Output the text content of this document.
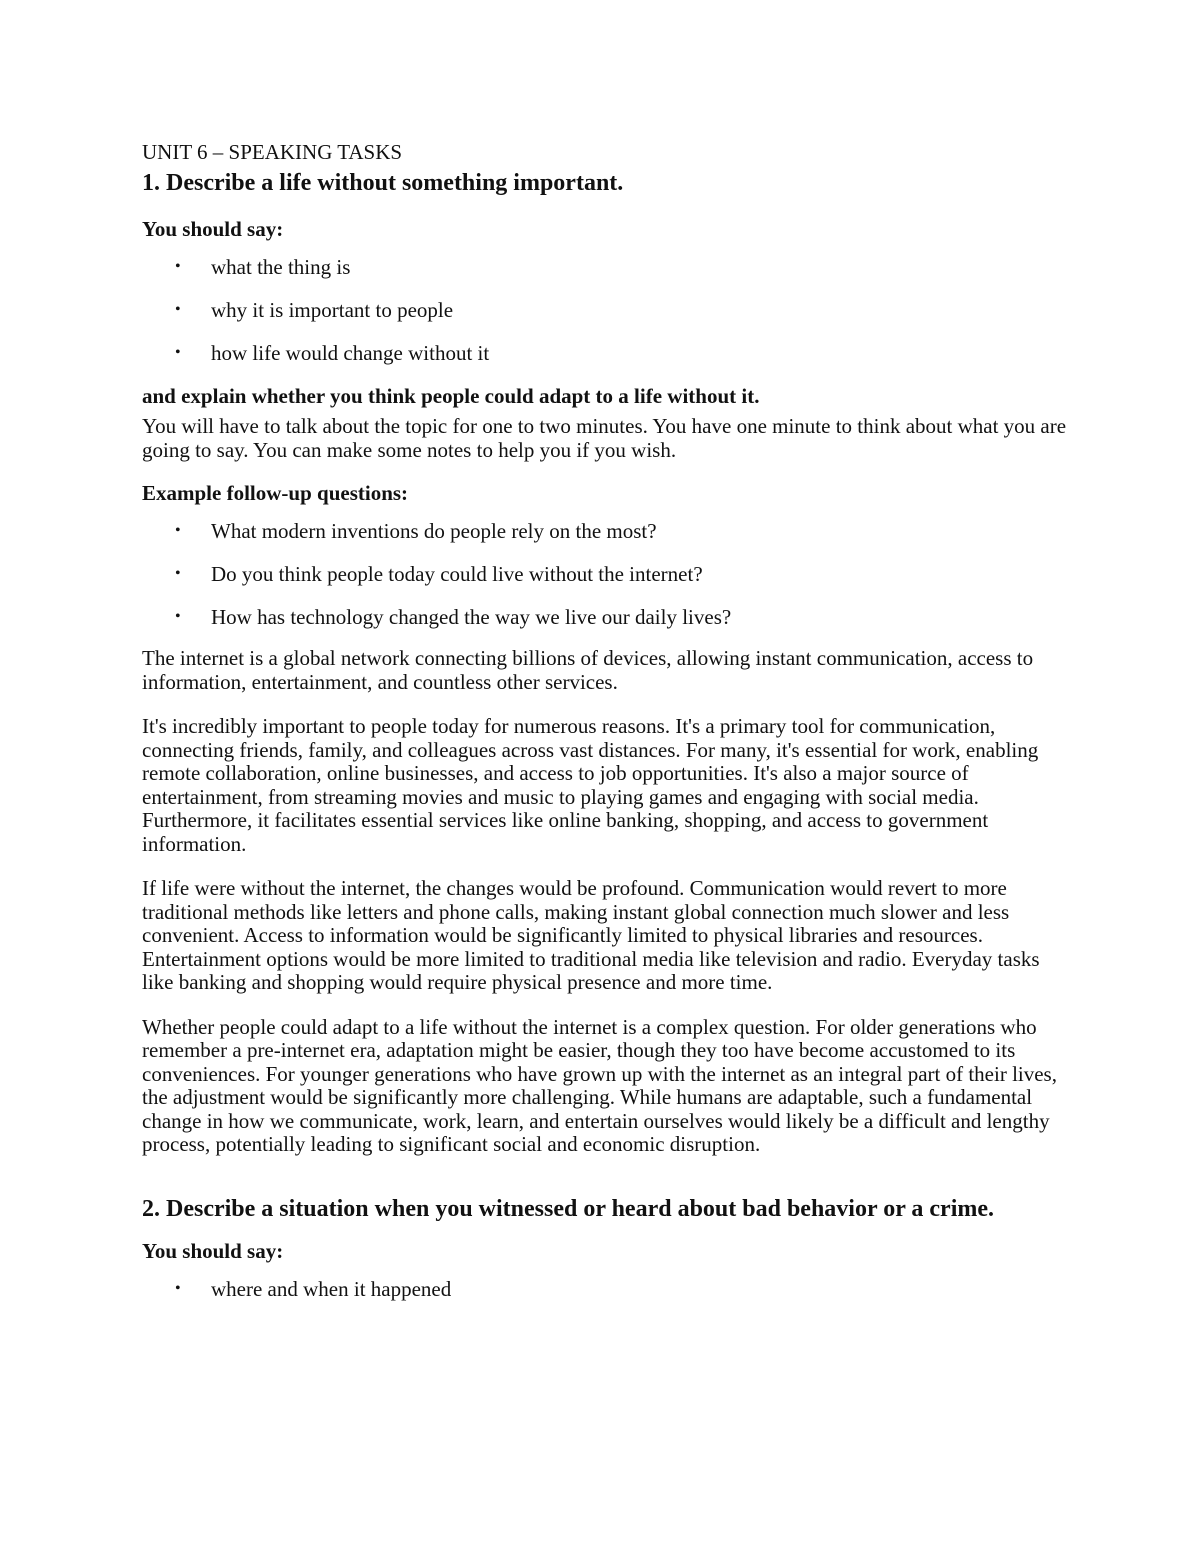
UNIT 6 – SPEAKING TASKS
1. Describe a life without something important.
You should say:
• what the thing is
• why it is important to people
• how life would change without it
and explain whether you think people could adapt to a life without it.
You will have to talk about the topic for one to two minutes. You have one minute to think about what you are going to say. You can make some notes to help you if you wish.
Example follow-up questions:
• What modern inventions do people rely on the most?
• Do you think people today could live without the internet?
• How has technology changed the way we live our daily lives?
The internet is a global network connecting billions of devices, allowing instant communication, access to information, entertainment, and countless other services.
It's incredibly important to people today for numerous reasons. It's a primary tool for communication, connecting friends, family, and colleagues across vast distances. For many, it's essential for work, enabling remote collaboration, online businesses, and access to job opportunities. It's also a major source of entertainment, from streaming movies and music to playing games and engaging with social media. Furthermore, it facilitates essential services like online banking, shopping, and access to government information.
If life were without the internet, the changes would be profound. Communication would revert to more traditional methods like letters and phone calls, making instant global connection much slower and less convenient. Access to information would be significantly limited to physical libraries and resources. Entertainment options would be more limited to traditional media like television and radio. Everyday tasks like banking and shopping would require physical presence and more time.
Whether people could adapt to a life without the internet is a complex question. For older generations who remember a pre-internet era, adaptation might be easier, though they too have become accustomed to its conveniences. For younger generations who have grown up with the internet as an integral part of their lives, the adjustment would be significantly more challenging. While humans are adaptable, such a fundamental change in how we communicate, work, learn, and entertain ourselves would likely be a difficult and lengthy process, potentially leading to significant social and economic disruption.
2. Describe a situation when you witnessed or heard about bad behavior or a crime.
You should say:
• where and when it happened
